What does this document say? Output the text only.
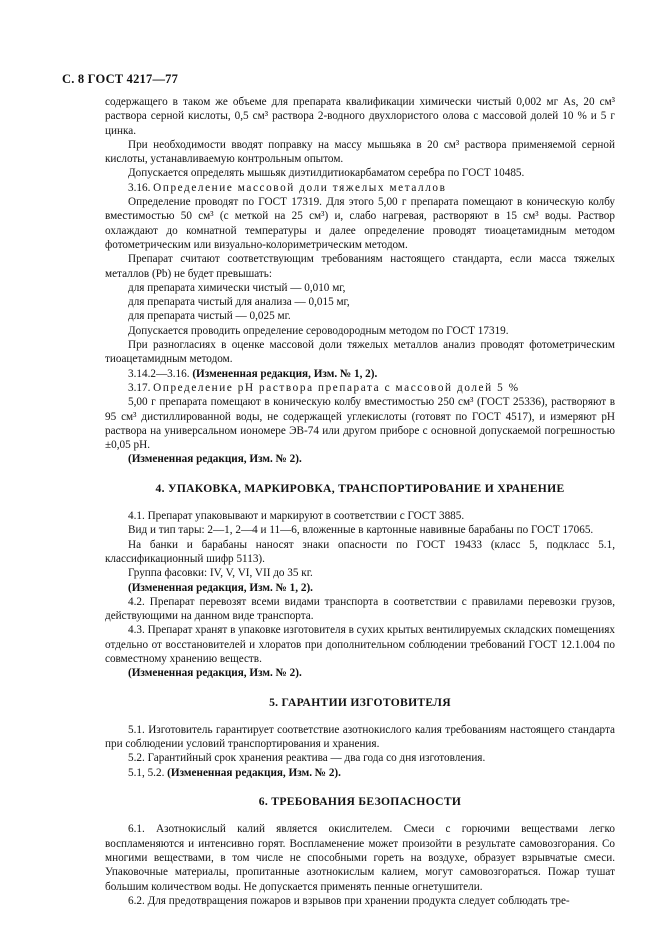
С. 8 ГОСТ 4217—77

содержащего в таком же объеме для препарата квалификации химически чистый 0,002 мг As, 20 см³ раствора серной кислоты, 0,5 см³ раствора 2-водного двухлористого олова с массовой долей 10 % и 5 г цинка.

При необходимости вводят поправку на массу мышьяка в 20 см³ раствора применяемой серной кислоты, устанавливаемую контрольным опытом.

Допускается определять мышьяк диэтилдитиокарбаматом серебра по ГОСТ 10485.

3.16. Определение массовой доли тяжелых металлов

Определение проводят по ГОСТ 17319. Для этого 5,00 г препарата помещают в коническую колбу вместимостью 50 см³ (с меткой на 25 см³) и, слабо нагревая, растворяют в 15 см³ воды. Раствор охлаждают до комнатной температуры и далее определение проводят тиоацетамидным методом фотометрическим или визуально-колориметрическим методом.

Препарат считают соответствующим требованиям настоящего стандарта, если масса тяжелых металлов (Pb) не будет превышать:

для препарата химически чистый — 0,010 мг,

для препарата чистый для анализа — 0,015 мг,

для препарата чистый — 0,025 мг.

Допускается проводить определение сероводородным методом по ГОСТ 17319.

При разногласиях в оценке массовой доли тяжелых металлов анализ проводят фотометрическим тиоацетамидным методом.

3.14.2—3.16. (Измененная редакция, Изм. № 1, 2).

3.17. Определение pH раствора препарата с массовой долей 5 %

5,00 г препарата помещают в коническую колбу вместимостью 250 см³ (ГОСТ 25336), растворяют в 95 см³ дистиллированной воды, не содержащей углекислоты (готовят по ГОСТ 4517), и измеряют pH раствора на универсальном иономере ЭВ-74 или другом приборе с основной допускаемой погрешностью ±0,05 pH.

(Измененная редакция, Изм. № 2).

4. УПАКОВКА, МАРКИРОВКА, ТРАНСПОРТИРОВАНИЕ И ХРАНЕНИЕ

4.1. Препарат упаковывают и маркируют в соответствии с ГОСТ 3885.

Вид и тип тары: 2—1, 2—4 и 11—6, вложенные в картонные навивные барабаны по ГОСТ 17065.

На банки и барабаны наносят знаки опасности по ГОСТ 19433 (класс 5, подкласс 5.1, классификационный шифр 5113).

Группа фасовки: IV, V, VI, VII до 35 кг.

(Измененная редакция, Изм. № 1, 2).

4.2. Препарат перевозят всеми видами транспорта в соответствии с правилами перевозки грузов, действующими на данном виде транспорта.

4.3. Препарат хранят в упаковке изготовителя в сухих крытых вентилируемых складских помещениях отдельно от восстановителей и хлоратов при дополнительном соблюдении требований ГОСТ 12.1.004 по совместному хранению веществ.

(Измененная редакция, Изм. № 2).

5. ГАРАНТИИ ИЗГОТОВИТЕЛЯ

5.1. Изготовитель гарантирует соответствие азотнокислого калия требованиям настоящего стандарта при соблюдении условий транспортирования и хранения.

5.2. Гарантийный срок хранения реактива — два года со дня изготовления.

5.1, 5.2. (Измененная редакция, Изм. № 2).

6. ТРЕБОВАНИЯ БЕЗОПАСНОСТИ

6.1. Азотнокислый калий является окислителем. Смеси с горючими веществами легко воспламеняются и интенсивно горят. Воспламенение может произойти в результате самовозгорания. Со многими веществами, в том числе не способными гореть на воздухе, образует взрывчатые смеси. Упаковочные материалы, пропитанные азотнокислым калием, могут самовозгораться. Пожар тушат большим количеством воды. Не допускается применять пенные огнетушители.

6.2. Для предотвращения пожаров и взрывов при хранении продукта следует соблюдать тре-
